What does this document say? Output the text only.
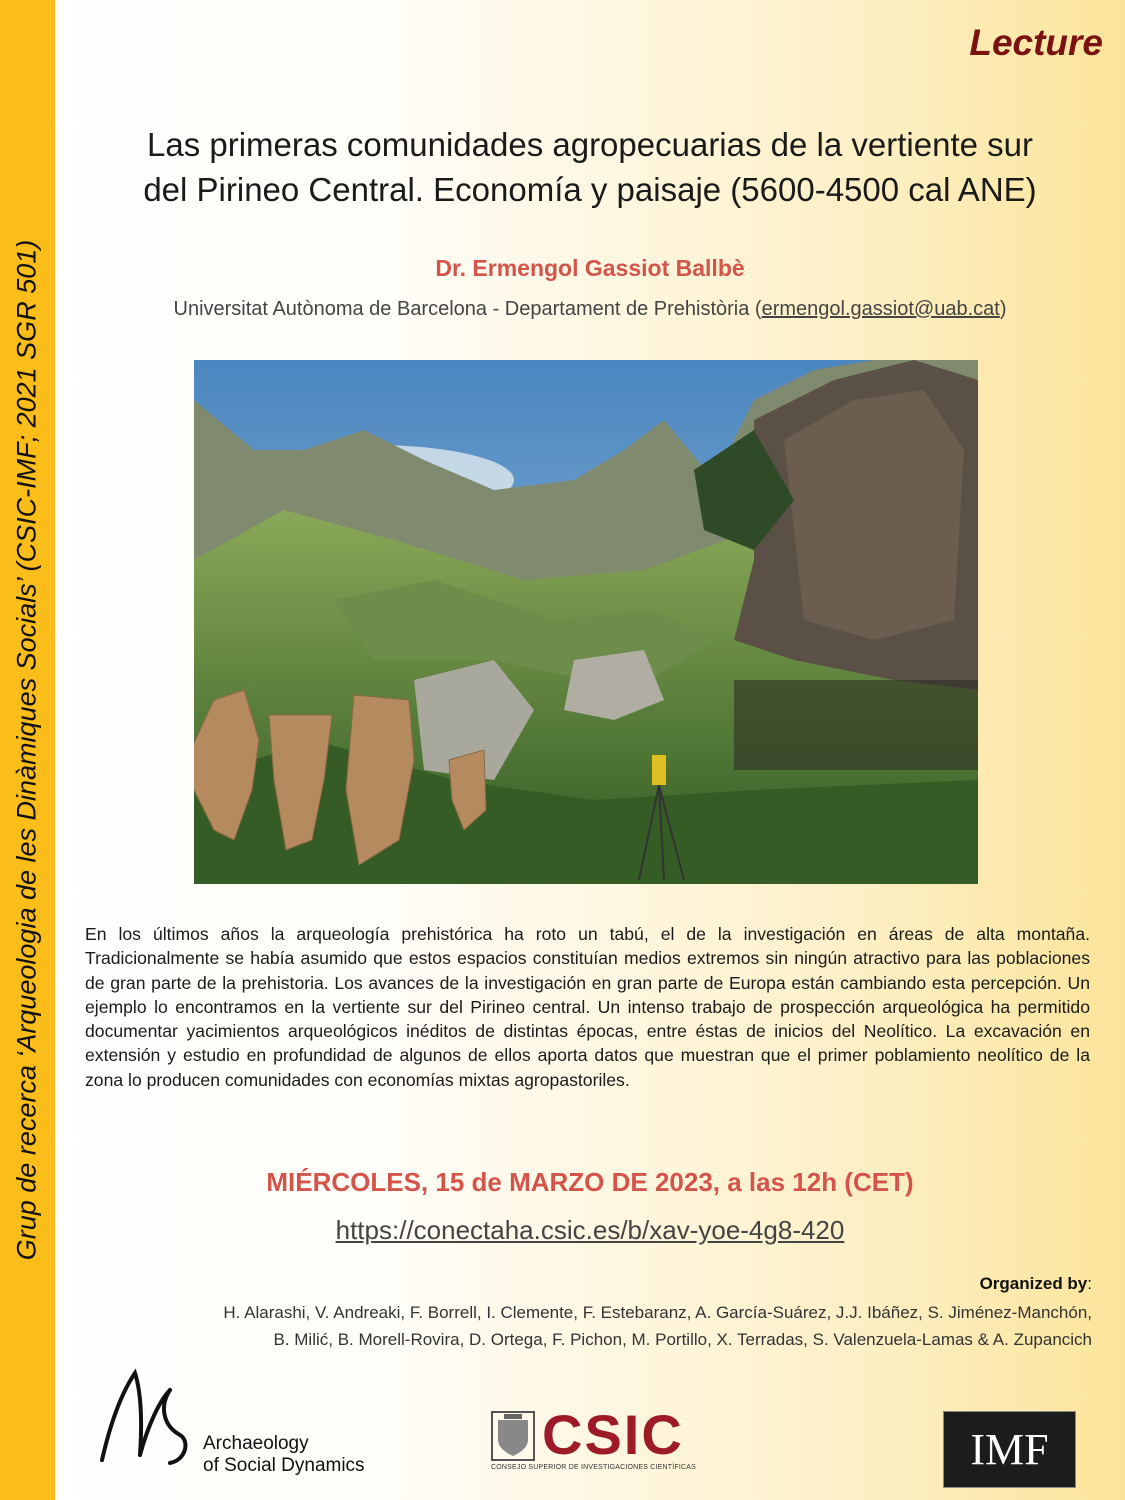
Grup de recerca ‘Arqueologia de les Dinàmiques Socials’ (CSIC-IMF; 2021 SGR 501)
Lecture
Las primeras comunidades agropecuarias de la vertiente sur
del Pirineo Central. Economía y paisaje (5600-4500 cal ANE)
Dr. Ermengol Gassiot Ballbè
Universitat Autònoma de Barcelona - Departament de Prehistòria (ermengol.gassiot@uab.cat)
En los últimos años la arqueología prehistórica ha roto un tabú, el de la investigación en áreas de alta montaña. Tradicionalmente se había asumido que estos espacios constituían medios extremos sin ningún atractivo para las poblaciones de gran parte de la prehistoria. Los avances de la investigación en gran parte de Europa están cambiando esta percepción. Un ejemplo lo encontramos en la vertiente sur del Pirineo central. Un intenso trabajo de prospección arqueológica ha permitido documentar yacimientos arqueológicos inéditos de distintas épocas, entre éstas de inicios del Neolítico. La excavación en extensión y estudio en profundidad de algunos de ellos aporta datos que muestran que el primer poblamiento neolítico de la zona lo producen comunidades con economías mixtas agropastoriles.
MIÉRCOLES, 15 de MARZO DE 2023, a las 12h (CET)
https://conectaha.csic.es/b/xav-yoe-4g8-420
Organized by:
H. Alarashi, V. Andreaki, F. Borrell, I. Clemente, F. Estebaranz, A. García-Suárez, J.J. Ibáñez, S. Jiménez-Manchón,
B. Milić, B. Morell-Rovira, D. Ortega, F. Pichon, M. Portillo, X. Terradas, S. Valenzuela-Lamas & A. Zupancich
Archaeology
of Social Dynamics	CSIC
CONSEJO SUPERIOR DE INVESTIGACIONES CIENTÍFICAS	IMF
